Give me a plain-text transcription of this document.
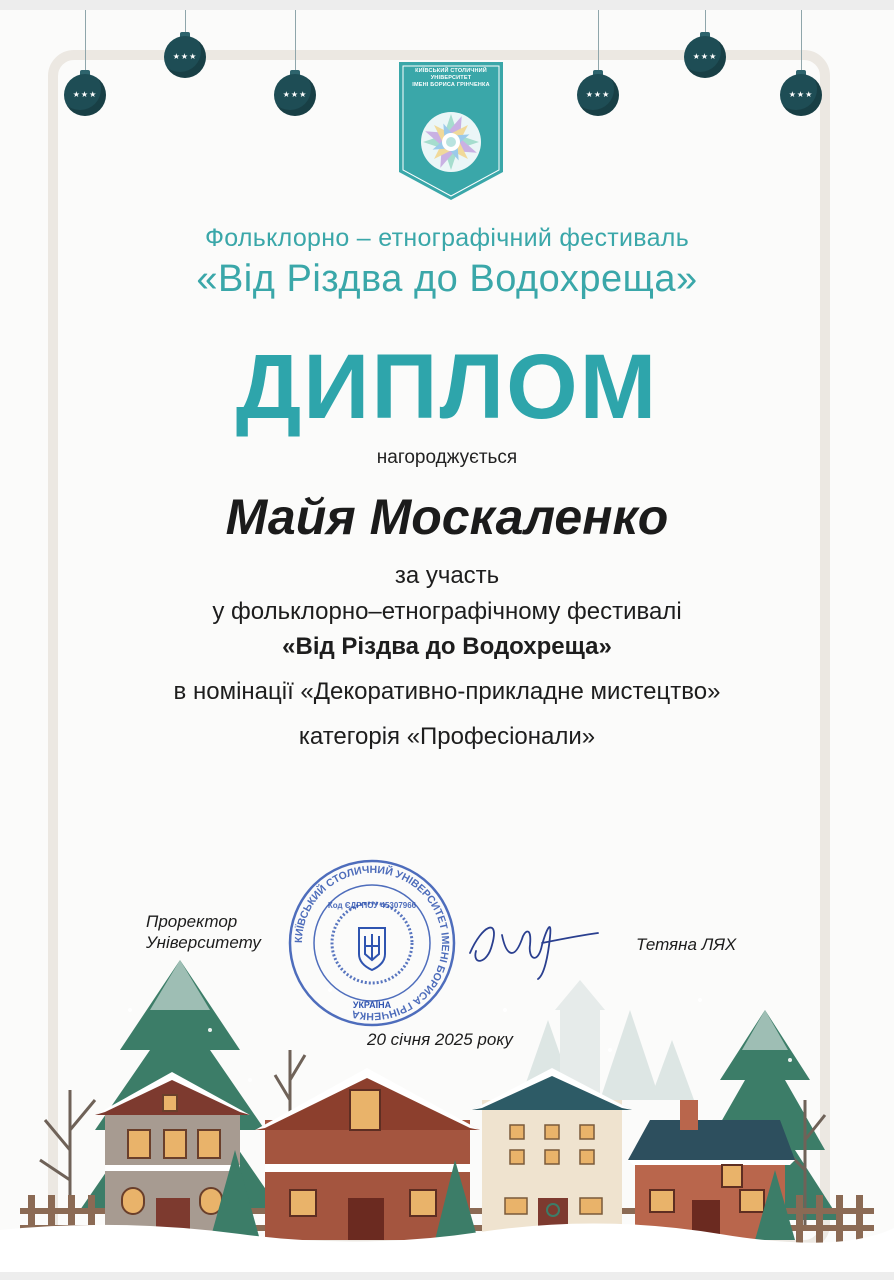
★★★
★★★
★★★	★★★
★★★
★★★
КИЇВСЬКИЙ СТОЛИЧНИЙ УНІВЕРСИТЕТ
ІМЕНІ БОРИСА ГРІНЧЕНКА
Фольклорно – етнографічний фестиваль
«Від Різдва до Водохреща»
ДИПЛОМ
нагороджується
Майя Москаленко
за участь
у фольклорно–етнографічному фестивалі
«Від Різдва до Водохреща»
в номінації «Декоративно-прикладне мистецтво»
категорія «Професіонали»
Проректор
Університету	Тетяна ЛЯХ
КИЇВСЬКИЙ СТОЛИЧНИЙ УНІВЕРСИТЕТ ІМЕНІ БОРИСА ГРІНЧЕНКА
Код ЄДРПОУ 45307966
УКРАЇНА
20 січня 2025 року
